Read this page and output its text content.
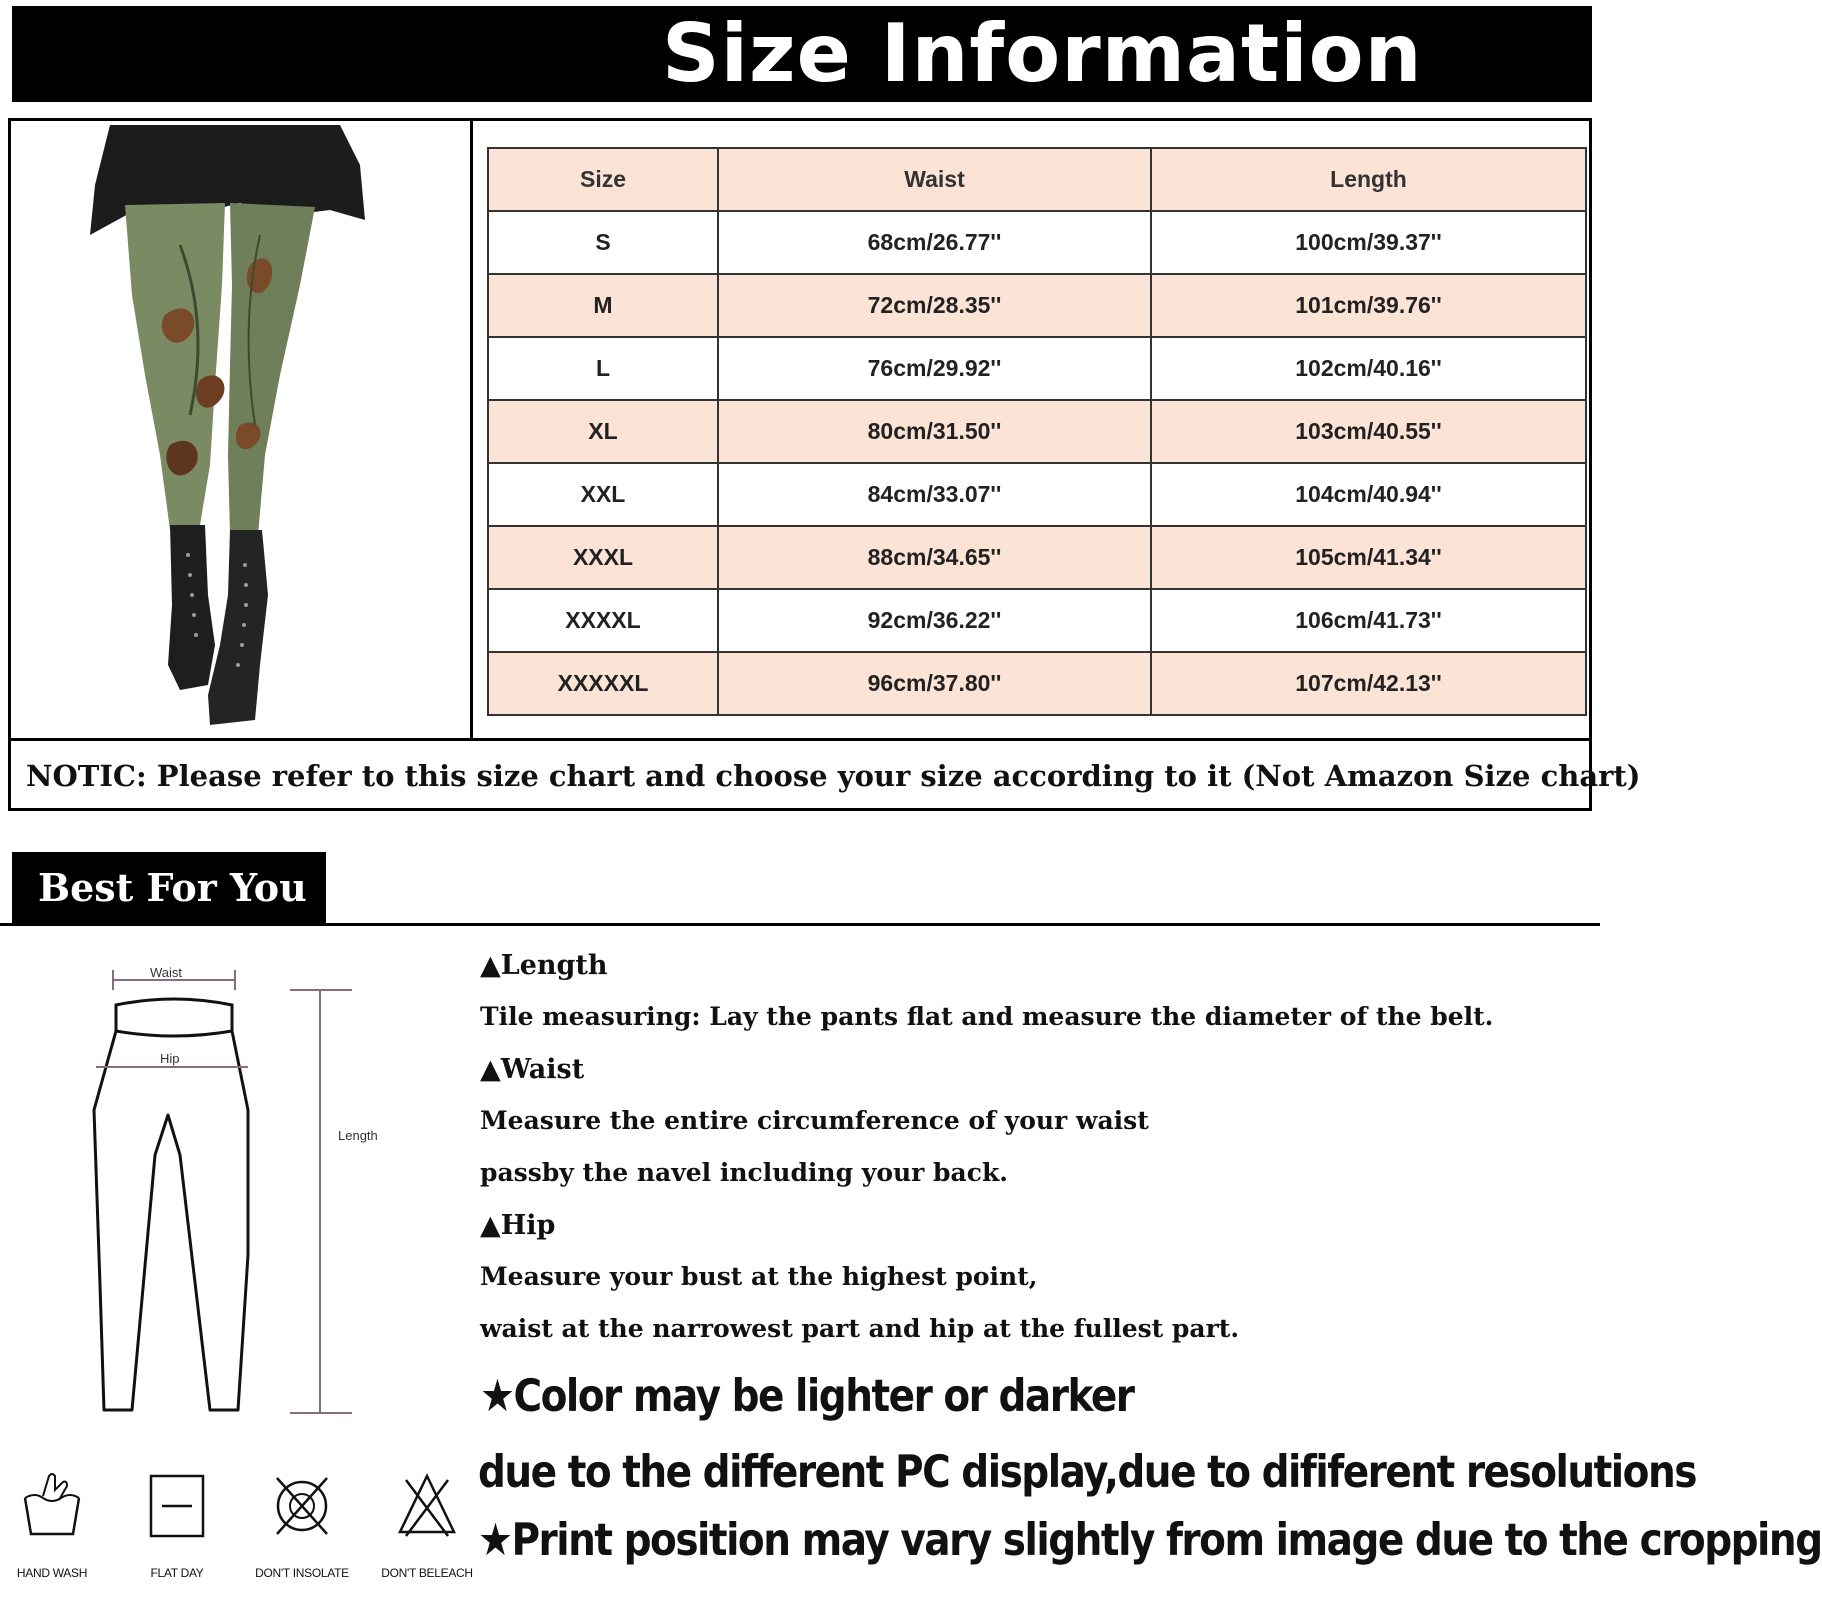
Size Information
Size	Waist	Length
S	68cm/26.77''	100cm/39.37''
M	72cm/28.35''	101cm/39.76''
L	76cm/29.92''	102cm/40.16''
XL	80cm/31.50''	103cm/40.55''
XXL	84cm/33.07''	104cm/40.94''
XXXL	88cm/34.65''	105cm/41.34''
XXXXL	92cm/36.22''	106cm/41.73''
XXXXXL	96cm/37.80''	107cm/42.13''
NOTIC: Please refer to this size chart and choose your size according to it (Not Amazon Size chart)
Best For You
Waist
Hip
Length
▲Length
Tile measuring: Lay the pants flat and measure the diameter of the belt.
▲Waist
Measure the entire circumference of your waist
passby the navel including your back.
▲Hip
Measure your bust at the highest point,
waist at the narrowest part and hip at the fullest part.
★Color may be lighter or darker
due to the different PC display,due to dififerent resolutions
★Print position may vary slightly from image due to the cropping
HAND WASH	FLAT DAY	DON'T INSOLATE	DON'T BELEACH
